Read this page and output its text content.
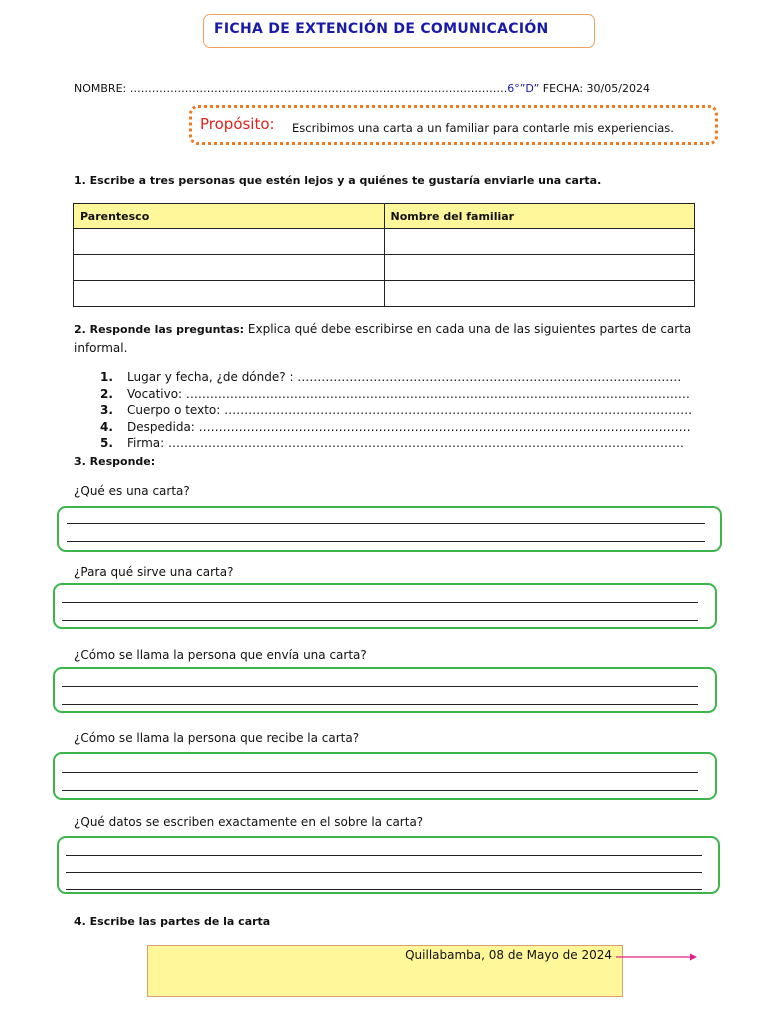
FICHA DE EXTENCIÓN DE COMUNICACIÓN
NOMBRE: ………………………………………………………………………………………….6°”D” FECHA: 30/05/2024
Propósito: Escribimos una carta a un familiar para contarle mis experiencias.
1. Escribe a tres personas que estén lejos y a quiénes te gustaría enviarle una carta.
Parentesco	Nombre del familiar

2. Responde las preguntas: Explica qué debe escribirse en cada una de las siguientes partes de carta informal.
1. Lugar y fecha, ¿de dónde? : ……………………………………………………………………………………
2. Vocativo: ………………………………………………………………………………………………………………
3. Cuerpo o texto: ………………………………………………………………………………………………………
4. Despedida: ……………………………………………………………………………………………………………
5. Firma: …………………………………………………………………………………………………………………
3. Responde:
¿Qué es una carta?
¿Para qué sirve una carta?
¿Cómo se llama la persona que envía una carta?
¿Cómo se llama la persona que recibe la carta?
¿Qué datos se escriben exactamente en el sobre la carta?
4. Escribe las partes de la carta
Quillabamba, 08 de Mayo de 2024
